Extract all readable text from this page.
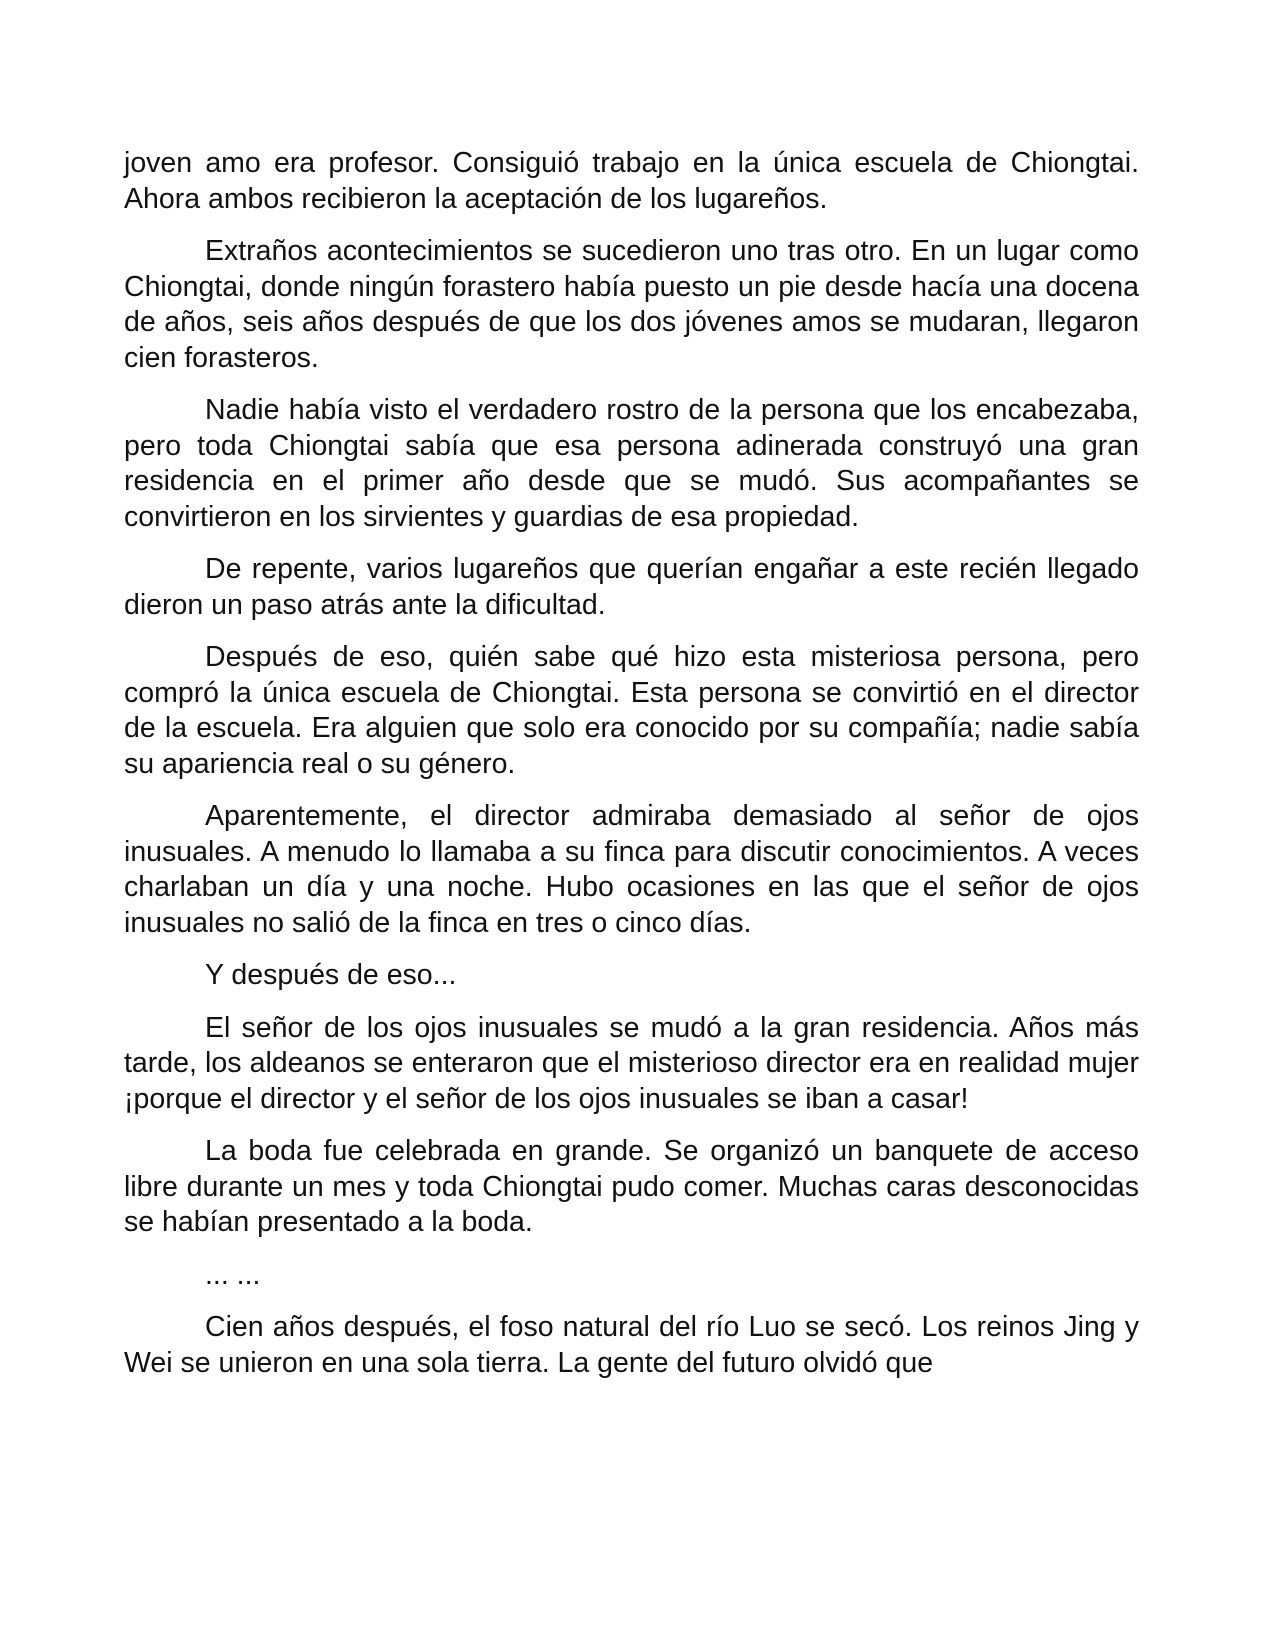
joven amo era profesor. Consiguió trabajo en la única escuela de Chiongtai. Ahora ambos recibieron la aceptación de los lugareños.

Extraños acontecimientos se sucedieron uno tras otro. En un lugar como Chiongtai, donde ningún forastero había puesto un pie desde hacía una docena de años, seis años después de que los dos jóvenes amos se mudaran, llegaron cien forasteros.

Nadie había visto el verdadero rostro de la persona que los encabezaba, pero toda Chiongtai sabía que esa persona adinerada construyó una gran residencia en el primer año desde que se mudó. Sus acompañantes se convirtieron en los sirvientes y guardias de esa propiedad.

De repente, varios lugareños que querían engañar a este recién llegado dieron un paso atrás ante la dificultad.

Después de eso, quién sabe qué hizo esta misteriosa persona, pero compró la única escuela de Chiongtai. Esta persona se convirtió en el director de la escuela. Era alguien que solo era conocido por su compañía; nadie sabía su apariencia real o su género.

Aparentemente, el director admiraba demasiado al señor de ojos inusuales. A menudo lo llamaba a su finca para discutir conocimientos. A veces charlaban un día y una noche. Hubo ocasiones en las que el señor de ojos inusuales no salió de la finca en tres o cinco días.

Y después de eso...

El señor de los ojos inusuales se mudó a la gran residencia. Años más tarde, los aldeanos se enteraron que el misterioso director era en realidad mujer ¡porque el director y el señor de los ojos inusuales se iban a casar!

La boda fue celebrada en grande. Se organizó un banquete de acceso libre durante un mes y toda Chiongtai pudo comer. Muchas caras desconocidas se habían presentado a la boda.

... ...

Cien años después, el foso natural del río Luo se secó. Los reinos Jing y Wei se unieron en una sola tierra. La gente del futuro olvidó que
